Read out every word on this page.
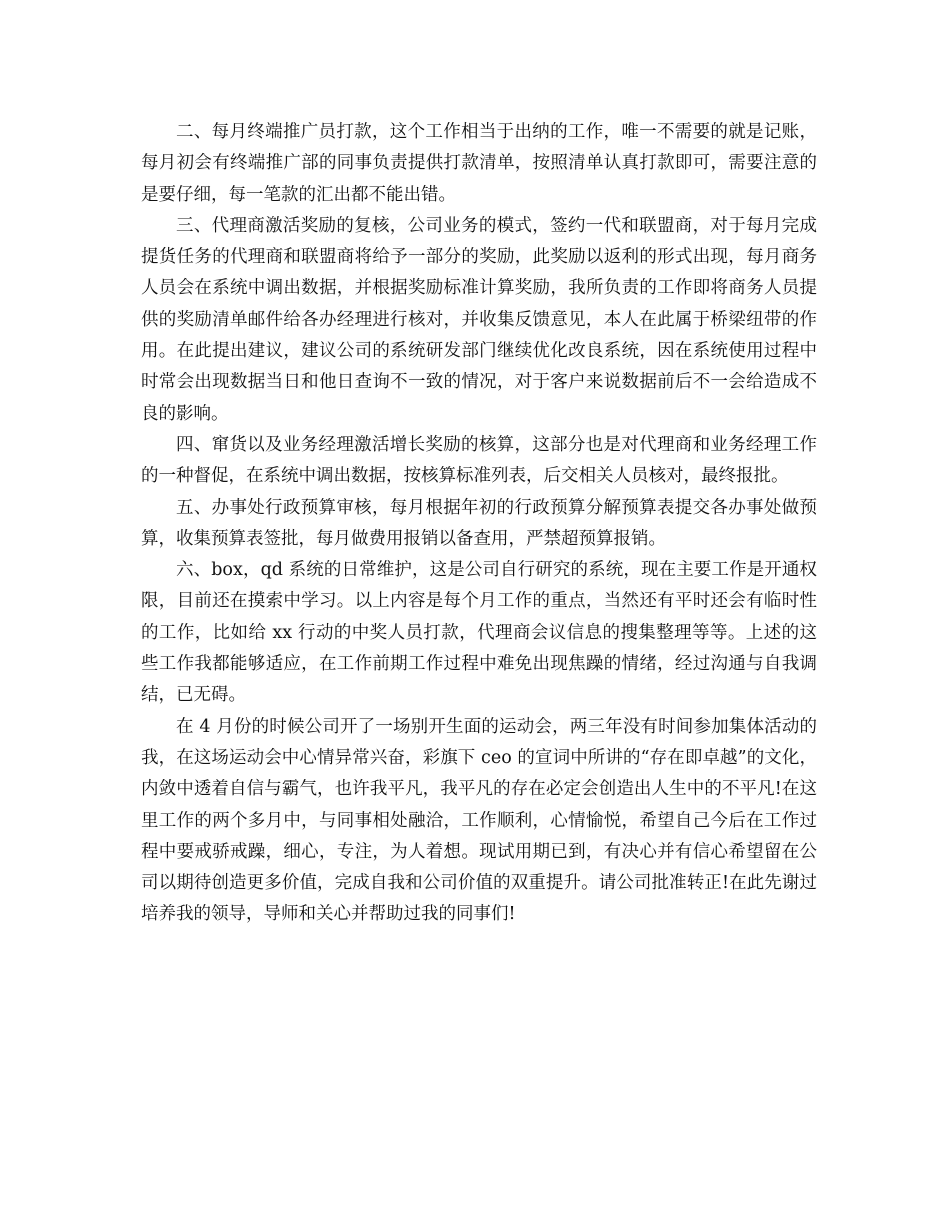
二、每月终端推广员打款，这个工作相当于出纳的工作，唯一不需要的就是记账，每月初会有终端推广部的同事负责提供打款清单，按照清单认真打款即可，需要注意的是要仔细，每一笔款的汇出都不能出错。

三、代理商激活奖励的复核，公司业务的模式，签约一代和联盟商，对于每月完成提货任务的代理商和联盟商将给予一部分的奖励，此奖励以返利的形式出现，每月商务人员会在系统中调出数据，并根据奖励标准计算奖励，我所负责的工作即将商务人员提供的奖励清单邮件给各办经理进行核对，并收集反馈意见，本人在此属于桥梁纽带的作用。在此提出建议，建议公司的系统研发部门继续优化改良系统，因在系统使用过程中时常会出现数据当日和他日查询不一致的情况，对于客户来说数据前后不一会给造成不良的影响。

四、窜货以及业务经理激活增长奖励的核算，这部分也是对代理商和业务经理工作的一种督促，在系统中调出数据，按核算标准列表，后交相关人员核对，最终报批。

五、办事处行政预算审核，每月根据年初的行政预算分解预算表提交各办事处做预算，收集预算表签批，每月做费用报销以备查用，严禁超预算报销。

六、box，qd 系统的日常维护，这是公司自行研究的系统，现在主要工作是开通权限，目前还在摸索中学习。以上内容是每个月工作的重点，当然还有平时还会有临时性的工作，比如给 xx 行动的中奖人员打款，代理商会议信息的搜集整理等等。上述的这些工作我都能够适应，在工作前期工作过程中难免出现焦躁的情绪，经过沟通与自我调结，已无碍。

在 4 月份的时候公司开了一场别开生面的运动会，两三年没有时间参加集体活动的我，在这场运动会中心情异常兴奋，彩旗下 ceo 的宣词中所讲的“存在即卓越”的文化，内敛中透着自信与霸气，也许我平凡，我平凡的存在必定会创造出人生中的不平凡!在这里工作的两个多月中，与同事相处融洽，工作顺利，心情愉悦，希望自己今后在工作过程中要戒骄戒躁，细心，专注，为人着想。现试用期已到，有决心并有信心希望留在公司以期待创造更多价值，完成自我和公司价值的双重提升。请公司批准转正!在此先谢过培养我的领导，导师和关心并帮助过我的同事们!
